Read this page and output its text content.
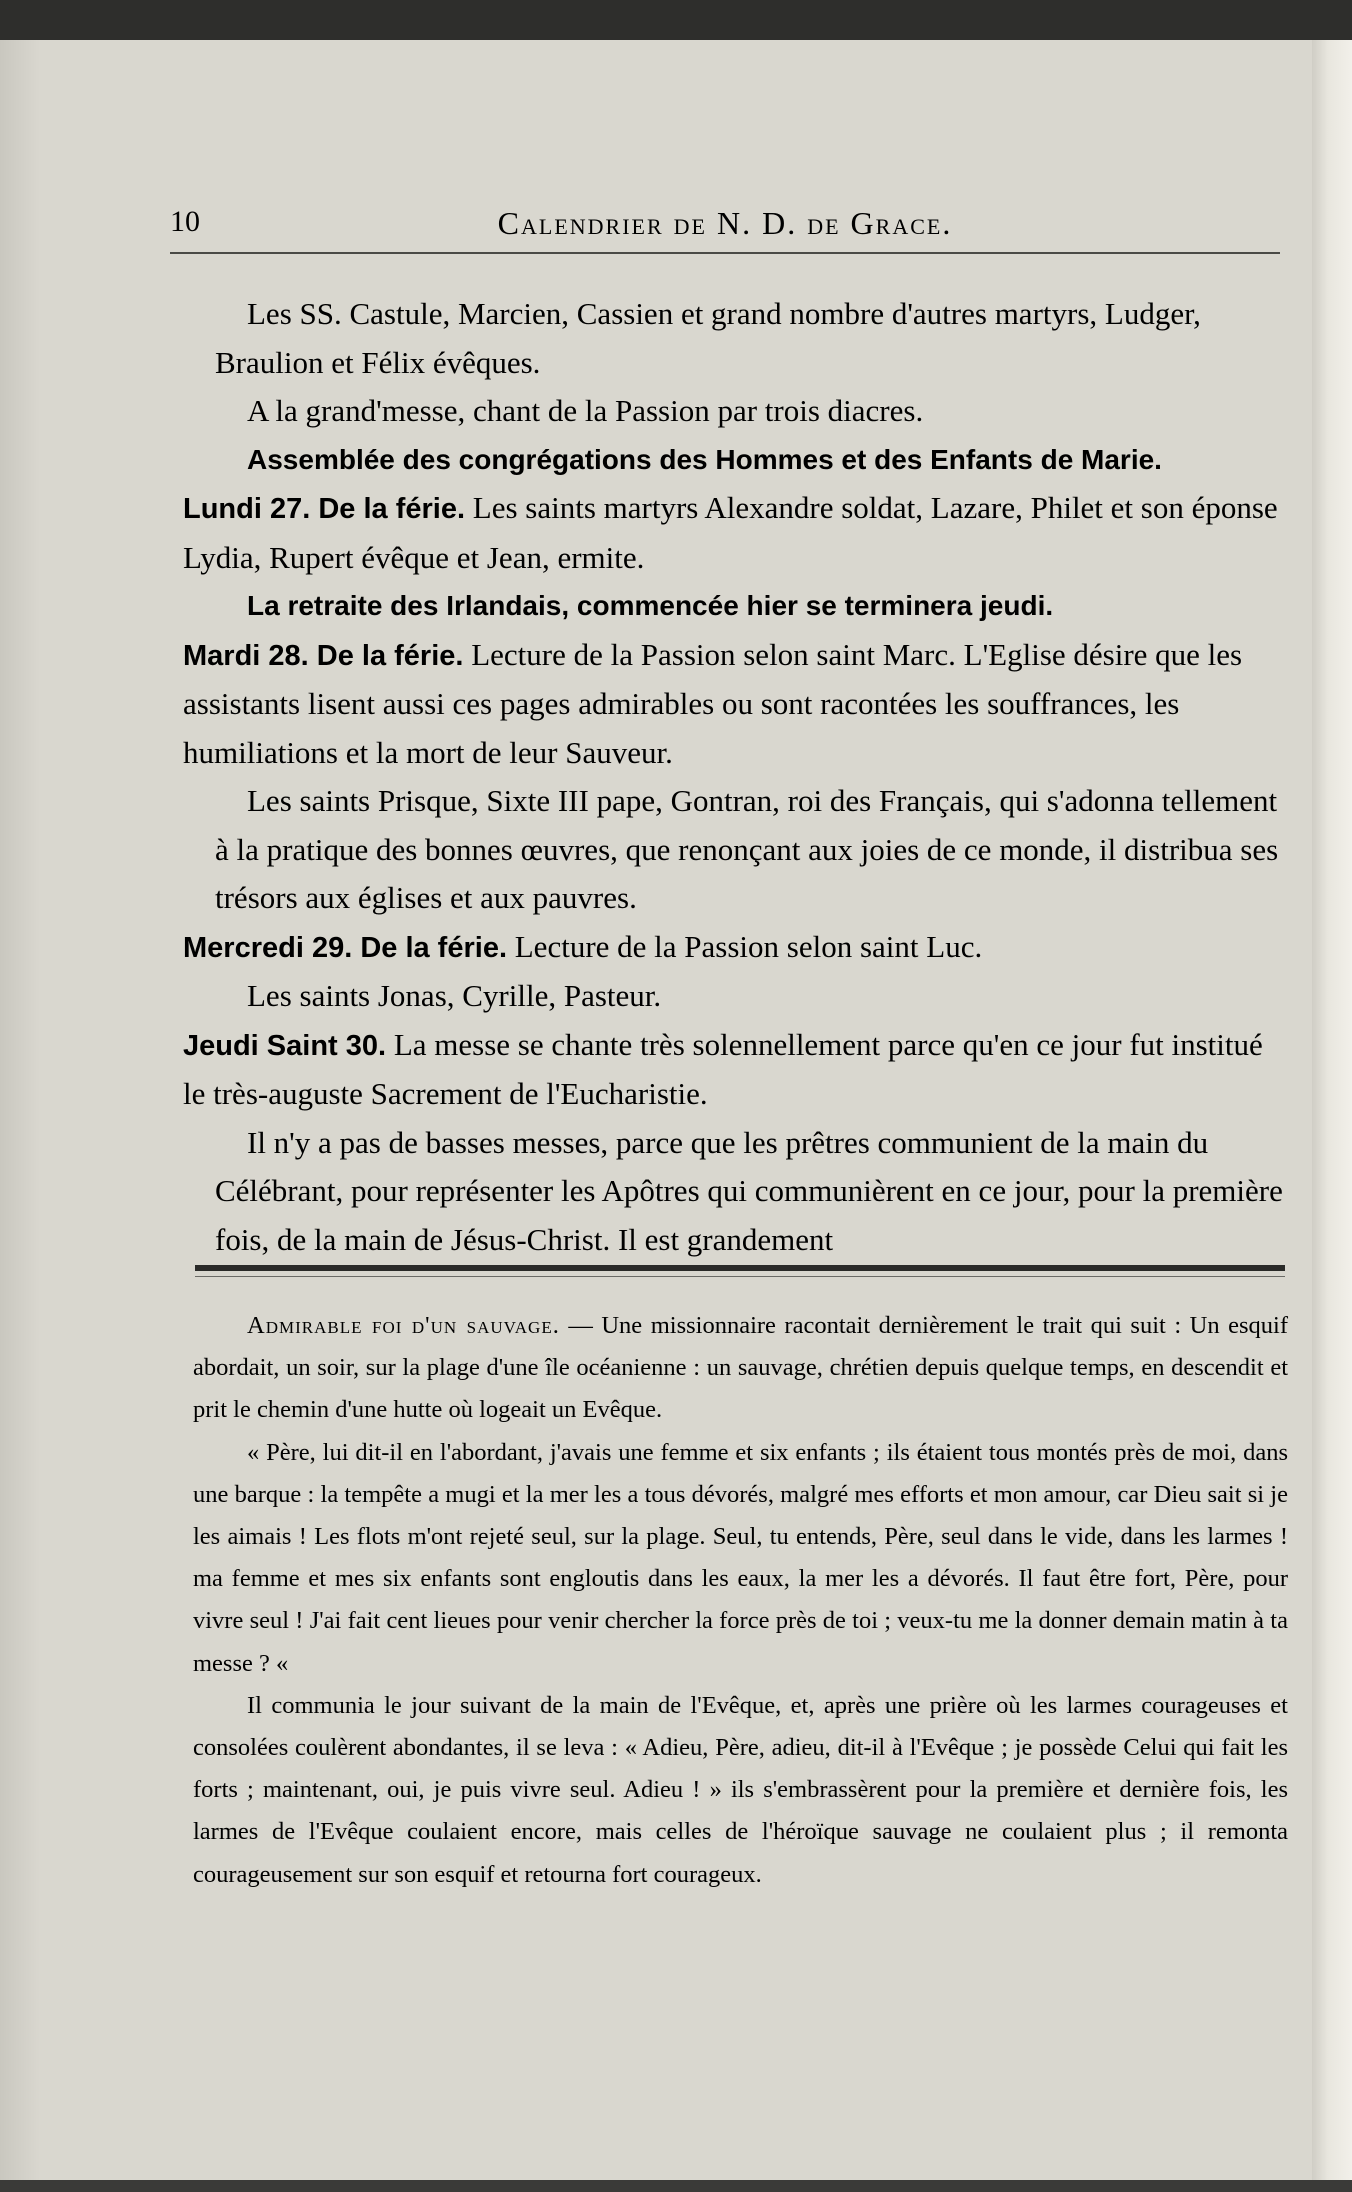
10	Calendrier de N. D. de Grace.

Les SS. Castule, Marcien, Cassien et grand nombre d'autres martyrs, Ludger, Braulion et Félix évêques.

A la grand'messe, chant de la Passion par trois diacres.

Assemblée des congrégations des Hommes et des Enfants de Marie.

Lundi 27. De la férie. Les saints martyrs Alexandre soldat, Lazare, Philet et son éponse Lydia, Rupert évêque et Jean, ermite.

La retraite des Irlandais, commencée hier se terminera jeudi.

Mardi 28. De la férie. Lecture de la Passion selon saint Marc. L'Eglise désire que les assistants lisent aussi ces pages admirables ou sont racontées les souffrances, les humiliations et la mort de leur Sauveur.

Les saints Prisque, Sixte III pape, Gontran, roi des Français, qui s'adonna tellement à la pratique des bonnes œuvres, que renonçant aux joies de ce monde, il distribua ses trésors aux églises et aux pauvres.

Mercredi 29. De la férie. Lecture de la Passion selon saint Luc.

Les saints Jonas, Cyrille, Pasteur.

Jeudi Saint 30. La messe se chante très solennellement parce qu'en ce jour fut institué le très-auguste Sacrement de l'Eucharistie.

Il n'y a pas de basses messes, parce que les prêtres communient de la main du Célébrant, pour représenter les Apôtres qui communièrent en ce jour, pour la première fois, de la main de Jésus-Christ. Il est grandement

Admirable foi d'un sauvage. — Une missionnaire racontait dernièrement le trait qui suit : Un esquif abordait, un soir, sur la plage d'une île océanienne : un sauvage, chrétien depuis quelque temps, en descendit et prit le chemin d'une hutte où logeait un Evêque.

« Père, lui dit-il en l'abordant, j'avais une femme et six enfants ; ils étaient tous montés près de moi, dans une barque : la tempête a mugi et la mer les a tous dévorés, malgré mes efforts et mon amour, car Dieu sait si je les aimais ! Les flots m'ont rejeté seul, sur la plage. Seul, tu entends, Père, seul dans le vide, dans les larmes ! ma femme et mes six enfants sont engloutis dans les eaux, la mer les a dévorés. Il faut être fort, Père, pour vivre seul ! J'ai fait cent lieues pour venir chercher la force près de toi ; veux-tu me la donner demain matin à ta messe ? «

Il communia le jour suivant de la main de l'Evêque, et, après une prière où les larmes courageuses et consolées coulèrent abondantes, il se leva : « Adieu, Père, adieu, dit-il à l'Evêque ; je possède Celui qui fait les forts ; maintenant, oui, je puis vivre seul. Adieu ! » ils s'embrassèrent pour la première et dernière fois, les larmes de l'Evêque coulaient encore, mais celles de l'héroïque sauvage ne coulaient plus ; il remonta courageusement sur son esquif et retourna fort courageux.
